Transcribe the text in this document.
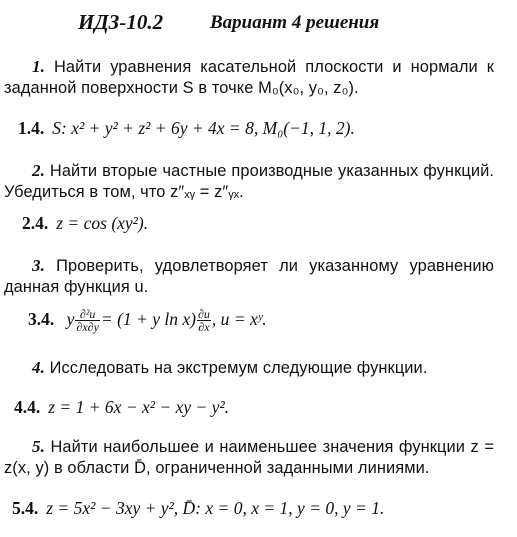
ИДЗ-10.2 Вариант 4 решения
1. Найти уравнения касательной плоскости и нормали к заданной поверхности S в точке M₀(x₀, y₀, z₀).
1.4. S: x² + y² + z² + 6y + 4x = 8, M₀(−1, 1, 2).
2. Найти вторые частные производные указанных функций. Убедиться в том, что z″ₓᵧ = z″ᵧₓ.
2.4. z = cos (xy²).
3. Проверить, удовлетворяет ли указанному уравнению данная функция u.
3.4. y $\frac{\text{∂²u}}{\partial x\partial y} = (1 + y$ $\ln x) \frac{\partial u}{\partial x}$ , u = xʸ.
4. Исследовать на экстремум следующие функции.
4.4. z = 1 + 6x − x² − xy − y².
5. Найти наибольшее и наименьшее значения функции z = z(x, y) в области D̄, ограниченной заданными линиями.
5.4. z = 5x² − 3xy + y², D̄: x = 0, x = 1, y = 0, y = 1.
